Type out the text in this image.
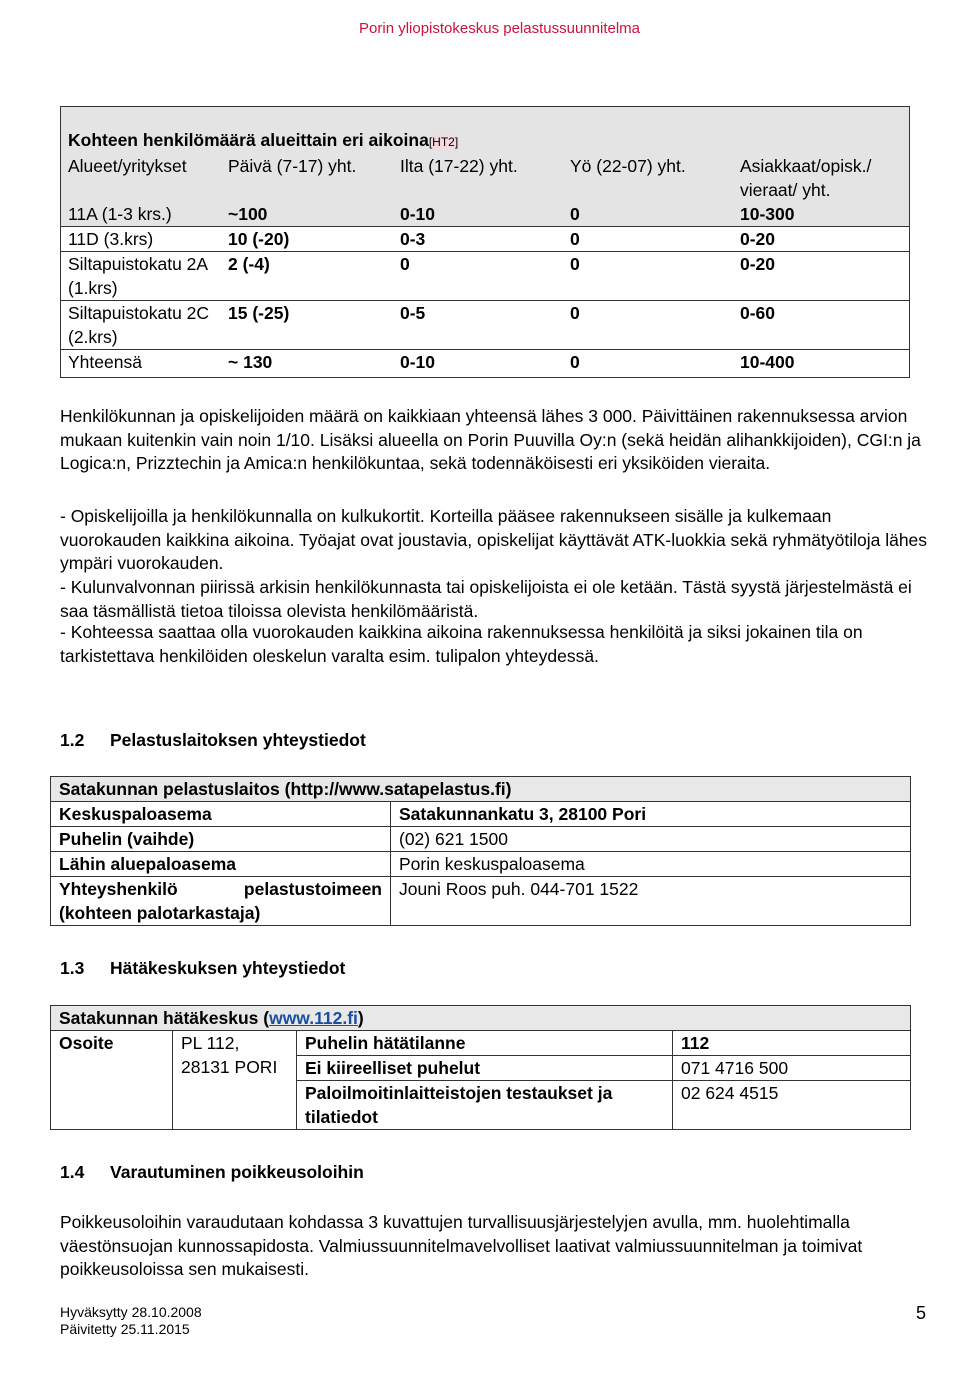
Porin yliopistokeskus pelastussuunnitelma
Kohteen henkilömäärä alueittain eri aikoina[HT2]				
Alueet/yritykset	Päivä (7-17) yht.	Ilta (17-22) yht.	Yö (22-07) yht.	Asiakkaat/opisk./ vieraat/ yht.
11A (1-3 krs.)	~100	0-10	0	10-300
11D (3.krs)	10 (-20)	0-3	0	0-20
Siltapuistokatu 2A (1.krs)	2 (-4)	0	0	0-20
Siltapuistokatu 2C (2.krs)	15 (-25)	0-5	0	0-60
Yhteensä	~ 130	0-10	0	10-400

Henkilökunnan ja opiskelijoiden määrä on kaikkiaan yhteensä lähes 3 000. Päivittäinen rakennuksessa arvion mukaan kuitenkin vain noin 1/10. Lisäksi alueella on Porin Puuvilla Oy:n (sekä heidän alihankkijoiden), CGI:n ja Logica:n, Prizztechin ja Amica:n henkilökuntaa, sekä todennäköisesti eri yksiköiden vieraita.

- Opiskelijoilla ja henkilökunnalla on kulkukortit. Korteilla pääsee rakennukseen sisälle ja kulkemaan vuorokauden kaikkina aikoina. Työajat ovat joustavia, opiskelijat käyttävät ATK-luokkia sekä ryhmätyötiloja lähes ympäri vuorokauden.

- Kulunvalvonnan piirissä arkisin henkilökunnasta tai opiskelijoista ei ole ketään. Tästä syystä järjestelmästä ei saa täsmällistä tietoa tiloissa olevista henkilömääristä.

- Kohteessa saattaa olla vuorokauden kaikkina aikoina rakennuksessa henkilöitä ja siksi jokainen tila on tarkistettava henkilöiden oleskelun varalta esim. tulipalon yhteydessä.

1.2 Pelastuslaitoksen yhteystiedot
Satakunnan pelastuslaitos (http://www.satapelastus.fi)	
Keskuspaloasema	Satakunnankatu 3, 28100 Pori
Puhelin (vaihde)	(02) 621 1500
Lähin aluepaloasema	Porin keskuspaloasema
Yhteyshenkilö pelastustoimeen (kohteen palotarkastaja)	Jouni Roos puh. 044-701 1522
1.3 Hätäkeskuksen yhteystiedot
Satakunnan hätäkeskus (www.112.fi)			
Osoite	PL 112, 28131 PORI	Puhelin hätätilanne	112
		Ei kiireelliset puhelut	071 4716 500
		Paloilmoitinlaitteistojen testaukset ja tilatiedot	02 624 4515
1.4 Varautuminen poikkeusoloihin

Poikkeusoloihin varaudutaan kohdassa 3 kuvattujen turvallisuusjärjestelyjen avulla, mm. huolehtimalla väestönsuojan kunnossapidosta. Valmiussuunnitelmavelvolliset laativat valmiussuunnitelman ja toimivat poikkeusoloissa sen mukaisesti.

Hyväksytty 28.10.2008
Päivitetty 25.11.2015
5
